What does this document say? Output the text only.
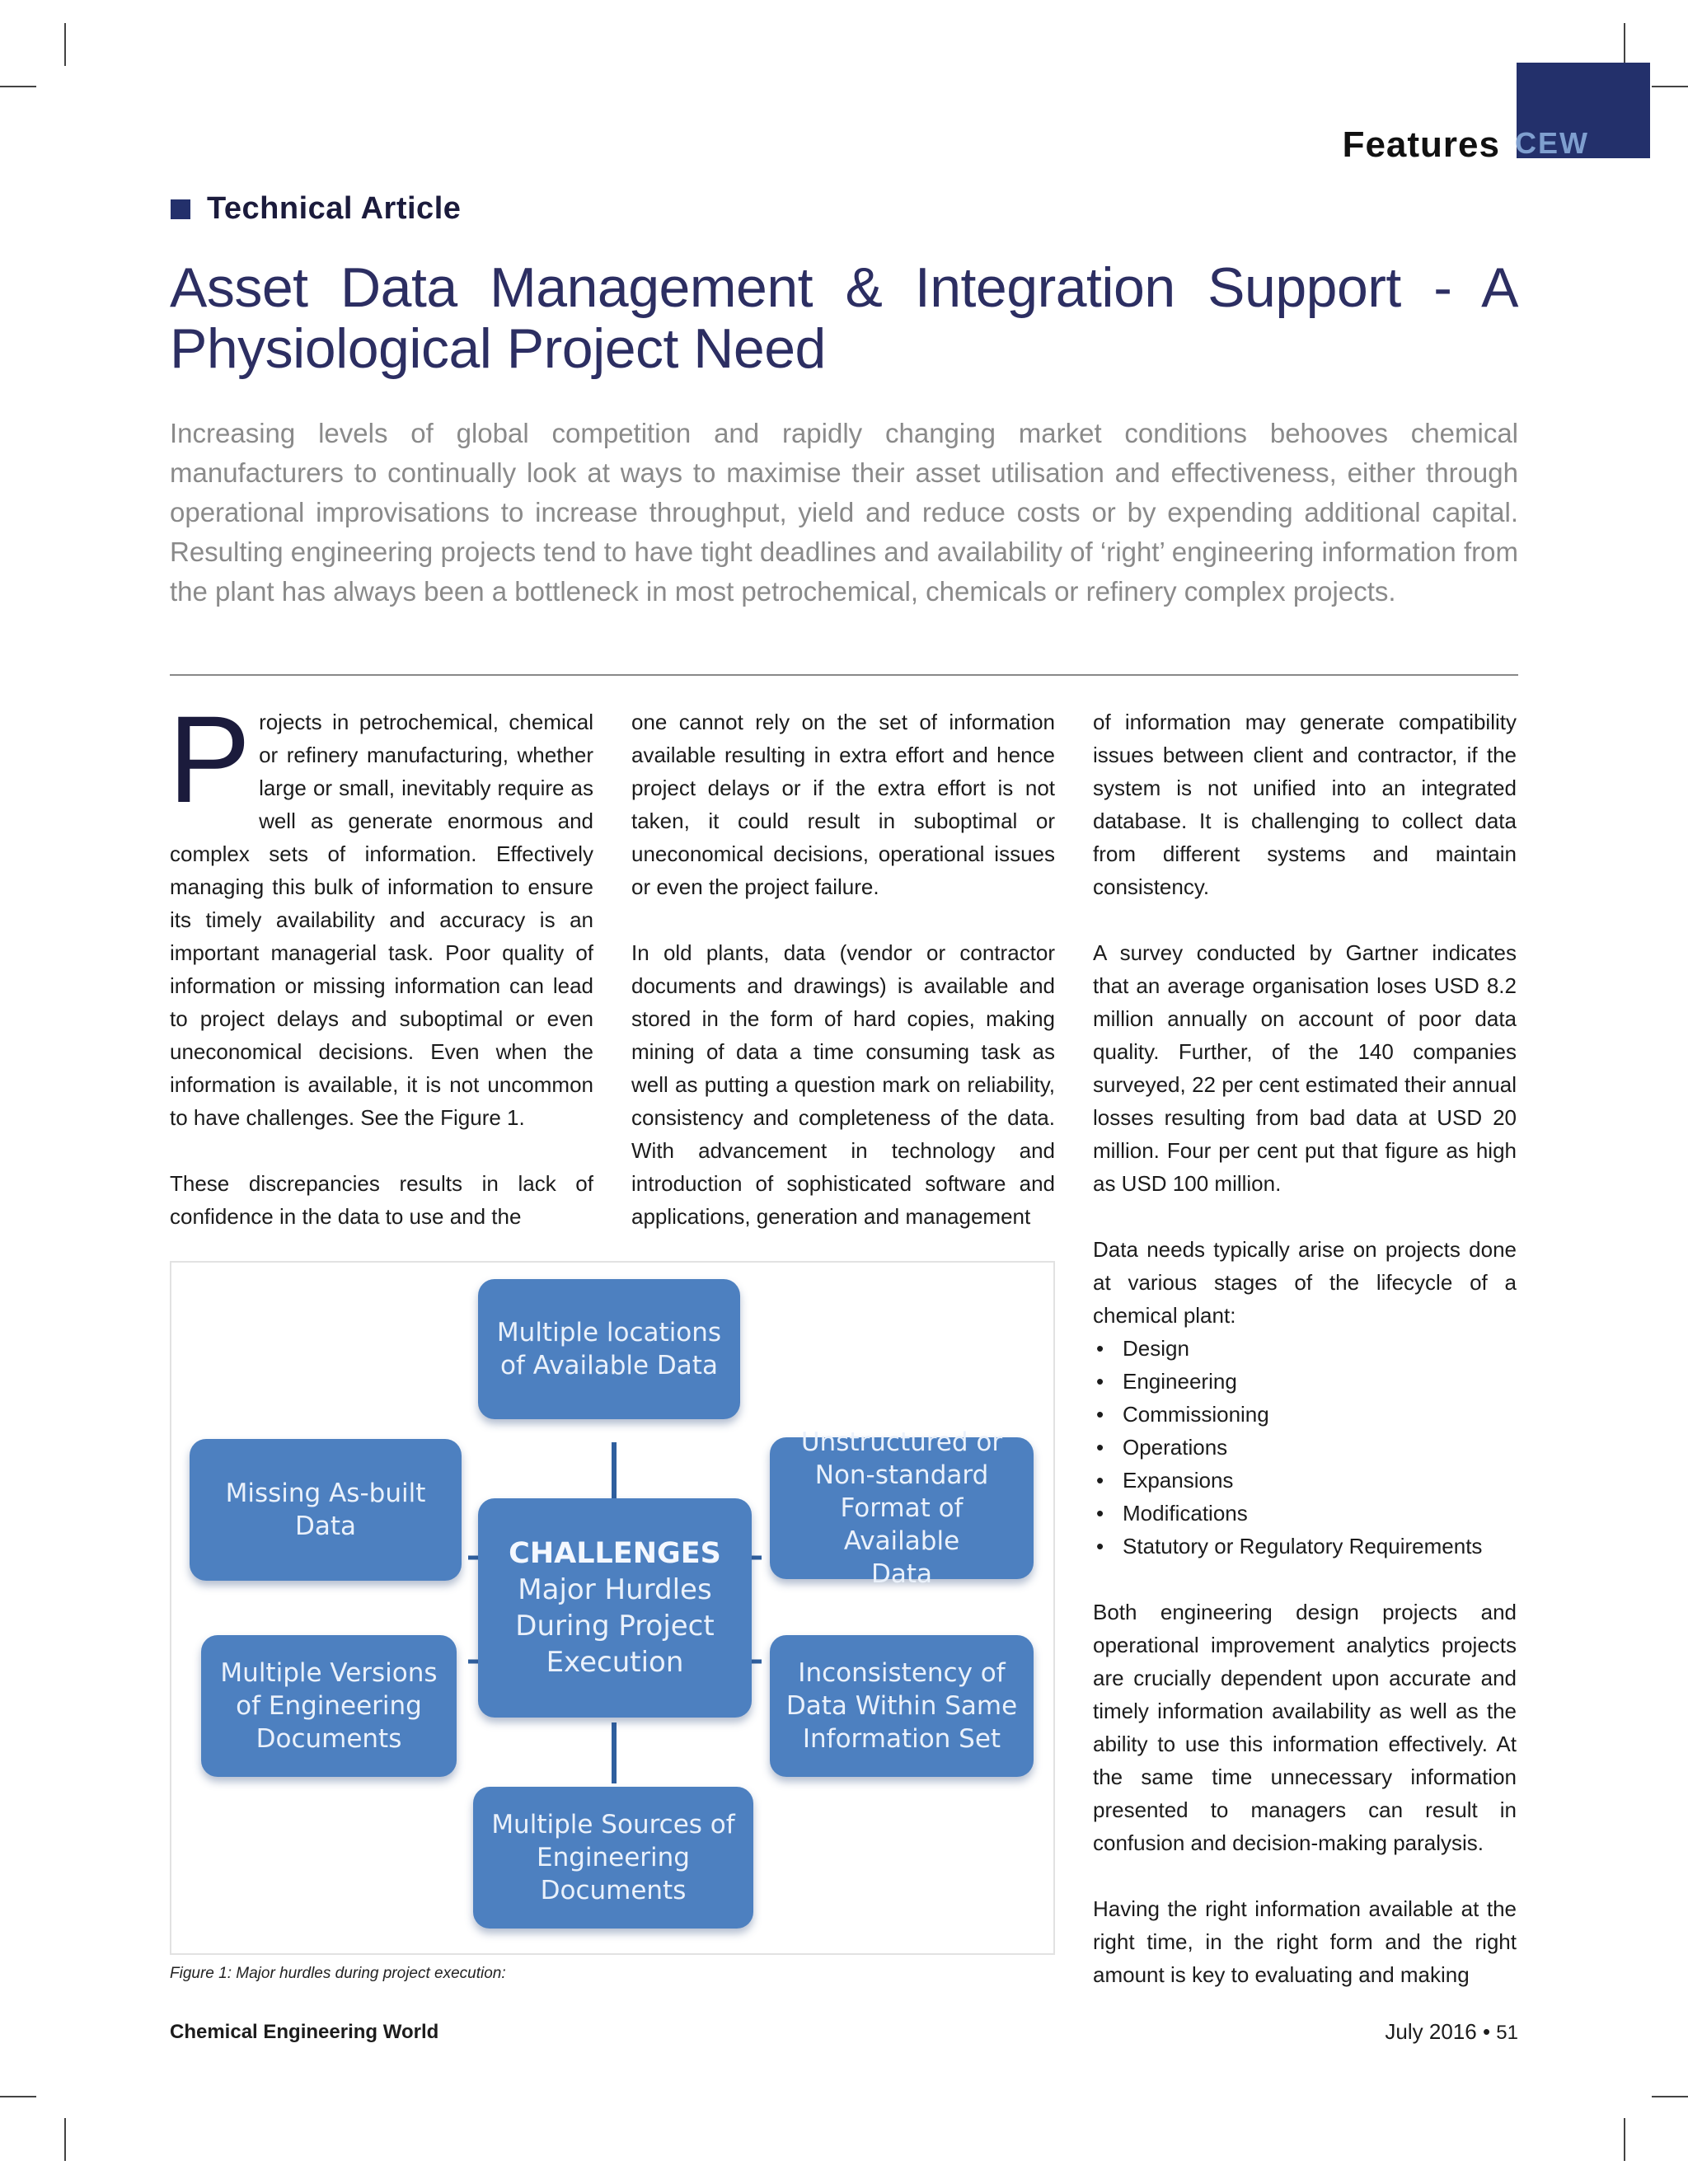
Features CEW
Technical Article
Asset Data Management & Integration Support - A Physiological Project Need

Increasing levels of global competition and rapidly changing market conditions behooves chemical manufacturers to continually look at ways to maximise their asset utilisation and effectiveness, either through operational improvisations to increase throughput, yield and reduce costs or by expending additional capital. Resulting engineering projects tend to have tight deadlines and availability of ‘right’ engineering information from the plant has always been a bottleneck in most petrochemical, chemicals or refinery complex projects.

Projects in petrochemical, chemical or refinery manufacturing, whether large or small, inevitably require as well as generate enormous and complex sets of information. Effectively managing this bulk of information to ensure its timely availability and accuracy is an important managerial task. Poor quality of information or missing information can lead to project delays and suboptimal or even uneconomical decisions. Even when the information is available, it is not uncommon to have challenges. See the Figure 1.

These discrepancies results in lack of confidence in the data to use and the

one cannot rely on the set of information available resulting in extra effort and hence project delays or if the extra effort is not taken, it could result in suboptimal or uneconomical decisions, operational issues or even the project failure.

In old plants, data (vendor or contractor documents and drawings) is available and stored in the form of hard copies, making mining of data a time consuming task as well as putting a question mark on reliability, consistency and completeness of the data. With advancement in technology and introduction of sophisticated software and applications, generation and management

of information may generate compatibility issues between client and contractor, if the system is not unified into an integrated database. It is challenging to collect data from different systems and maintain consistency.

A survey conducted by Gartner indicates that an average organisation loses USD 8.2 million annually on account of poor data quality. Further, of the 140 companies surveyed, 22 per cent estimated their annual losses resulting from bad data at USD 20 million. Four per cent put that figure as high as USD 100 million.

Data needs typically arise on projects done at various stages of the lifecycle of a chemical plant:

• Design
• Engineering
• Commissioning
• Operations
• Expansions
• Modifications
• Statutory or Regulatory Requirements

Both engineering design projects and operational improvement analytics projects are crucially dependent upon accurate and timely information availability as well as the ability to use this information effectively. At the same time unnecessary information presented to managers can result in confusion and decision-making paralysis.

Having the right information available at the right time, in the right form and the right amount is key to evaluating and making

Multiple locations
of Available Data
Missing As-built
Data
Unstructured or
Non-standard
Format of Available
Data
CHALLENGES
Major Hurdles
During Project
Execution
Multiple Versions
of Engineering
Documents
Inconsistency of
Data Within Same
Information Set
Multiple Sources of
Engineering
Documents
Figure 1: Major hurdles during project execution:
Chemical Engineering World	July 2016 • 51
